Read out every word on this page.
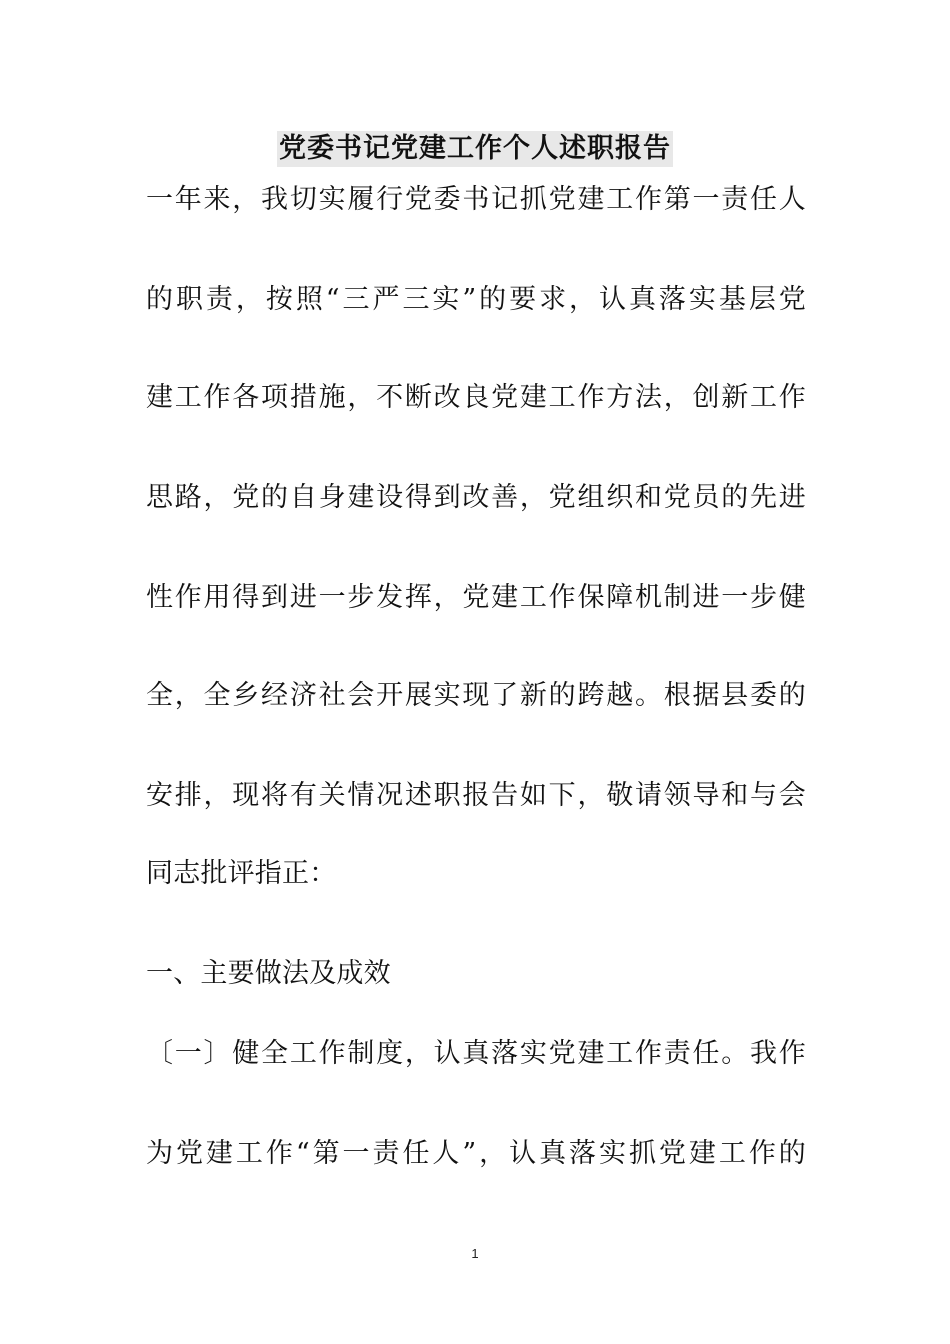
党委书记党建工作个人述职报告
一年来，我切实履行党委书记抓党建工作第一责任人
的职责，按照“三严三实”的要求，认真落实基层党
建工作各项措施，不断改良党建工作方法，创新工作
思路，党的自身建设得到改善，党组织和党员的先进
性作用得到进一步发挥，党建工作保障机制进一步健
全，全乡经济社会开展实现了新的跨越。根据县委的
安排，现将有关情况述职报告如下，敬请领导和与会
同志批评指正：
一、主要做法及成效
〔一〕健全工作制度，认真落实党建工作责任。我作
为党建工作“第一责任人”，认真落实抓党建工作的
1
